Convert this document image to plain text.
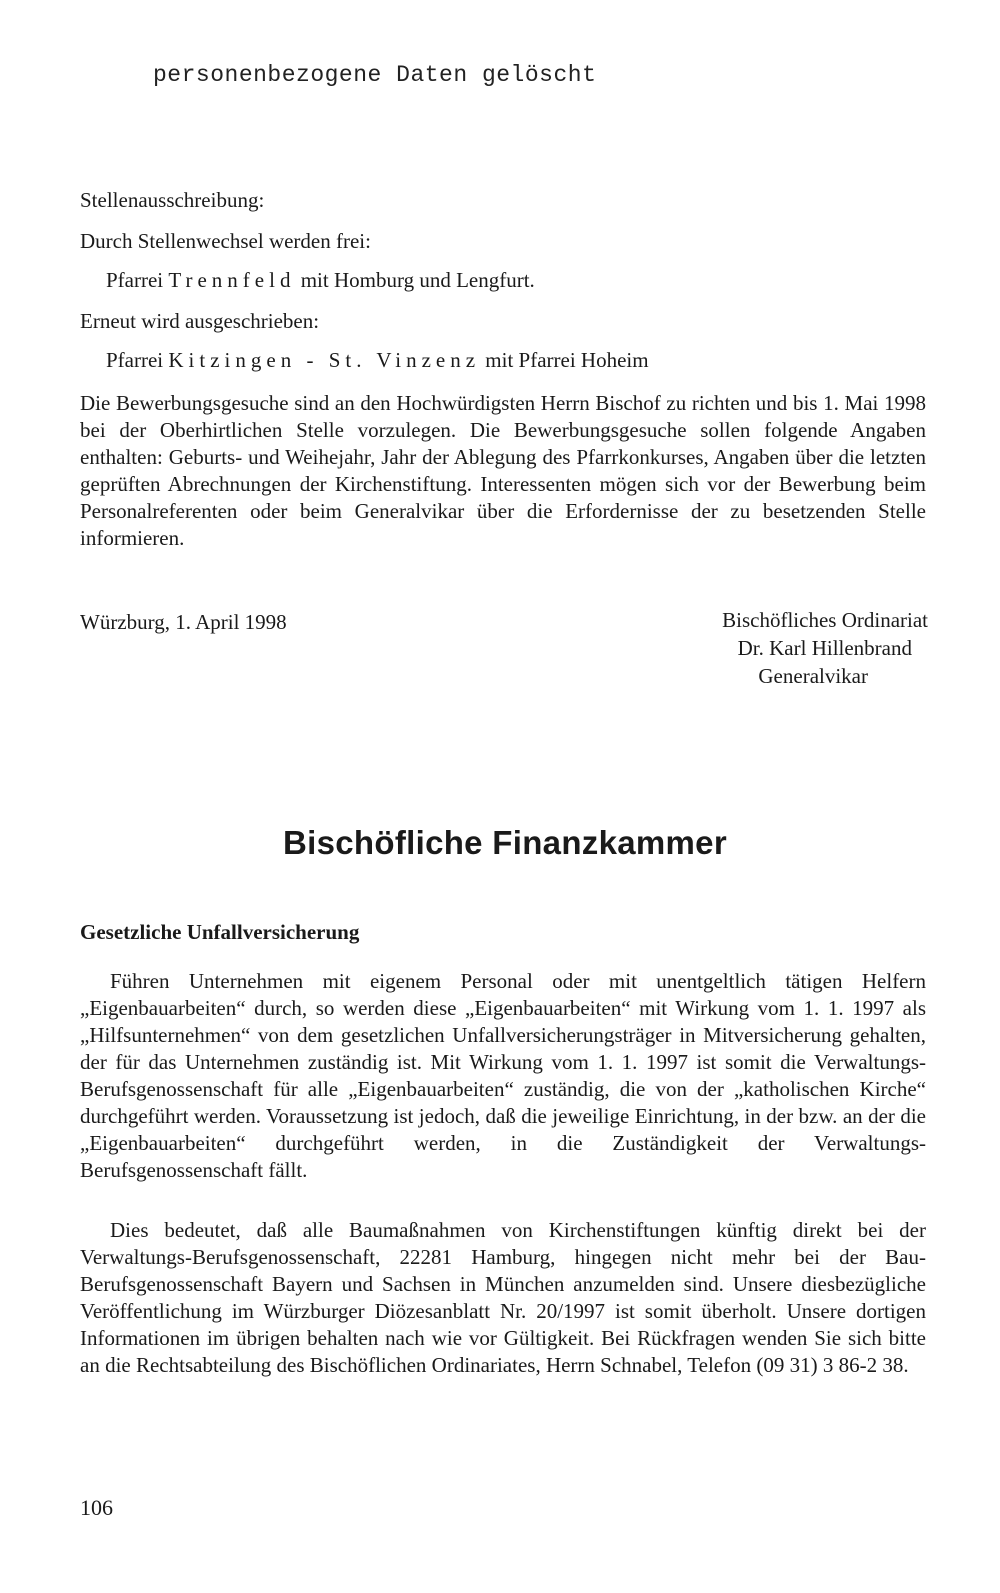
personenbezogene Daten gelöscht
Stellenausschreibung:
Durch Stellenwechsel werden frei:
Pfarrei Trennfeld mit Homburg und Lengfurt.
Erneut wird ausgeschrieben:
Pfarrei Kitzingen - St. Vinzenz mit Pfarrei Hoheim

Die Bewerbungsgesuche sind an den Hochwürdigsten Herrn Bischof zu richten und bis 1. Mai 1998 bei der Oberhirtlichen Stelle vorzulegen. Die Bewerbungsgesuche sollen folgende Angaben enthalten: Geburts- und Weihejahr, Jahr der Ablegung des Pfarrkonkurses, Angaben über die letzten geprüften Abrechnungen der Kirchenstiftung. Interessenten mögen sich vor der Bewerbung beim Personalreferenten oder beim Generalvikar über die Erfordernisse der zu besetzenden Stelle informieren.

Würzburg, 1. April 1998	Bischöfliches Ordinariat
Dr. Karl Hillenbrand
Generalvikar
Bischöfliche Finanzkammer
Gesetzliche Unfallversicherung

Führen Unternehmen mit eigenem Personal oder mit unentgeltlich tätigen Helfern „Eigenbauarbeiten“ durch, so werden diese „Eigenbauarbeiten“ mit Wirkung vom 1. 1. 1997 als „Hilfsunternehmen“ von dem gesetzlichen Unfallversicherungsträger in Mitversicherung gehalten, der für das Unternehmen zuständig ist. Mit Wirkung vom 1. 1. 1997 ist somit die Verwaltungs-Berufsgenossenschaft für alle „Eigenbauarbeiten“ zuständig, die von der „katholischen Kirche“ durchgeführt werden. Voraussetzung ist jedoch, daß die jeweilige Einrichtung, in der bzw. an der die „Eigenbauarbeiten“ durchgeführt werden, in die Zuständigkeit der Verwaltungs-Berufsgenossenschaft fällt.

Dies bedeutet, daß alle Baumaßnahmen von Kirchenstiftungen künftig direkt bei der Verwaltungs-Berufsgenossenschaft, 22281 Hamburg, hingegen nicht mehr bei der Bau-Berufsgenossenschaft Bayern und Sachsen in München anzumelden sind. Unsere diesbezügliche Veröffentlichung im Würzburger Diözesanblatt Nr. 20/1997 ist somit überholt. Unsere dortigen Informationen im übrigen behalten nach wie vor Gültigkeit. Bei Rückfragen wenden Sie sich bitte an die Rechtsabteilung des Bischöflichen Ordinariates, Herrn Schnabel, Telefon (09 31) 3 86-2 38.

106
